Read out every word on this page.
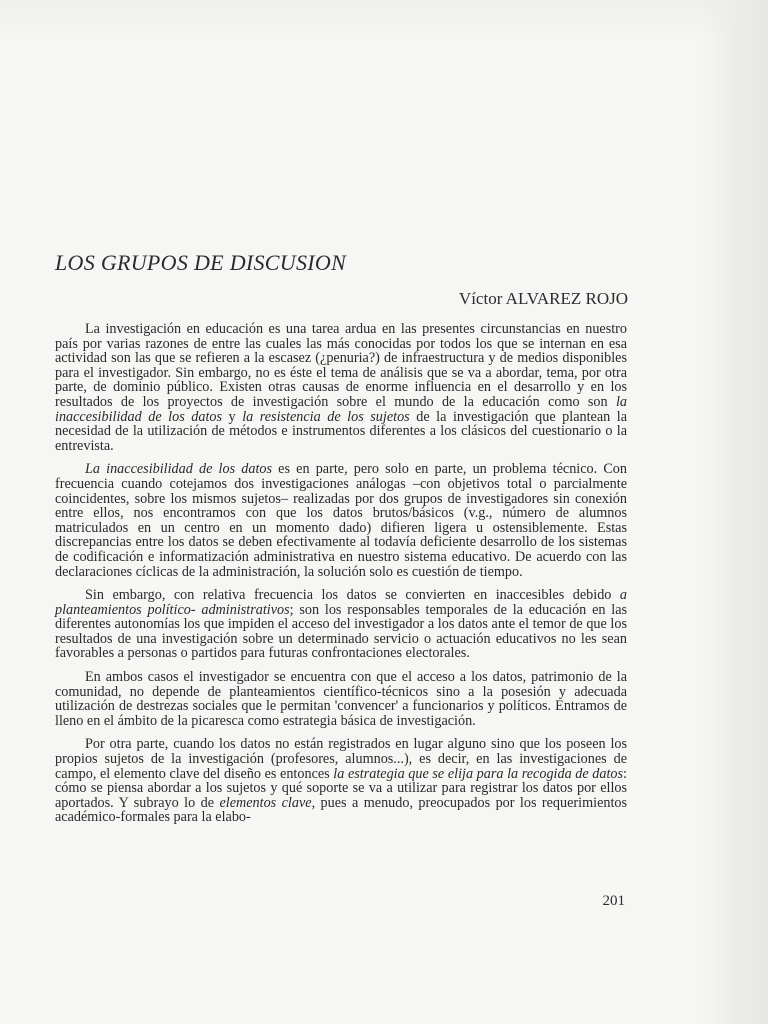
LOS GRUPOS DE DISCUSION
Víctor ALVAREZ ROJO

La investigación en educación es una tarea ardua en las presentes circunstancias en nuestro país por varias razones de entre las cuales las más conocidas por todos los que se internan en esa actividad son las que se refieren a la escasez (¿penuria?) de infraestructura y de medios disponibles para el investigador. Sin embargo, no es éste el tema de análisis que se va a abordar, tema, por otra parte, de dominio público. Existen otras causas de enorme influencia en el desarrollo y en los resultados de los proyectos de investigación sobre el mundo de la educación como son la inaccesibilidad de los datos y la resistencia de los sujetos de la investigación que plantean la necesidad de la utilización de métodos e instrumentos diferentes a los clásicos del cuestionario o la entrevista.

La inaccesibilidad de los datos es en parte, pero solo en parte, un problema técnico. Con frecuencia cuando cotejamos dos investigaciones análogas –con objetivos total o parcialmente coincidentes, sobre los mismos sujetos– realizadas por dos grupos de investigadores sin conexión entre ellos, nos encontramos con que los datos brutos/básicos (v.g., número de alumnos matriculados en un centro en un momento dado) difieren ligera u ostensiblemente. Estas discrepancias entre los datos se deben efectivamente al todavía deficiente desarrollo de los sistemas de codificación e informatización administrativa en nuestro sistema educativo. De acuerdo con las declaraciones cíclicas de la administración, la solución solo es cuestión de tiempo.

Sin embargo, con relativa frecuencia los datos se convierten en inaccesibles debido a planteamientos político- administrativos; son los responsables temporales de la educación en las diferentes autonomías los que impiden el acceso del investigador a los datos ante el temor de que los resultados de una investigación sobre un determinado servicio o actuación educativos no les sean favorables a personas o partidos para futuras confrontaciones electorales.

En ambos casos el investigador se encuentra con que el acceso a los datos, patrimonio de la comunidad, no depende de planteamientos científico-técnicos sino a la posesión y adecuada utilización de destrezas sociales que le permitan 'convencer' a funcionarios y políticos. Entramos de lleno en el ámbito de la picaresca como estrategia básica de investigación.

Por otra parte, cuando los datos no están registrados en lugar alguno sino que los poseen los propios sujetos de la investigación (profesores, alumnos...), es decir, en las investigaciones de campo, el elemento clave del diseño es entonces la estrategia que se elija para la recogida de datos: cómo se piensa abordar a los sujetos y qué soporte se va a utilizar para registrar los datos por ellos aportados. Y subrayo lo de elementos clave, pues a menudo, preocupados por los requerimientos académico-formales para la elabo-

201
